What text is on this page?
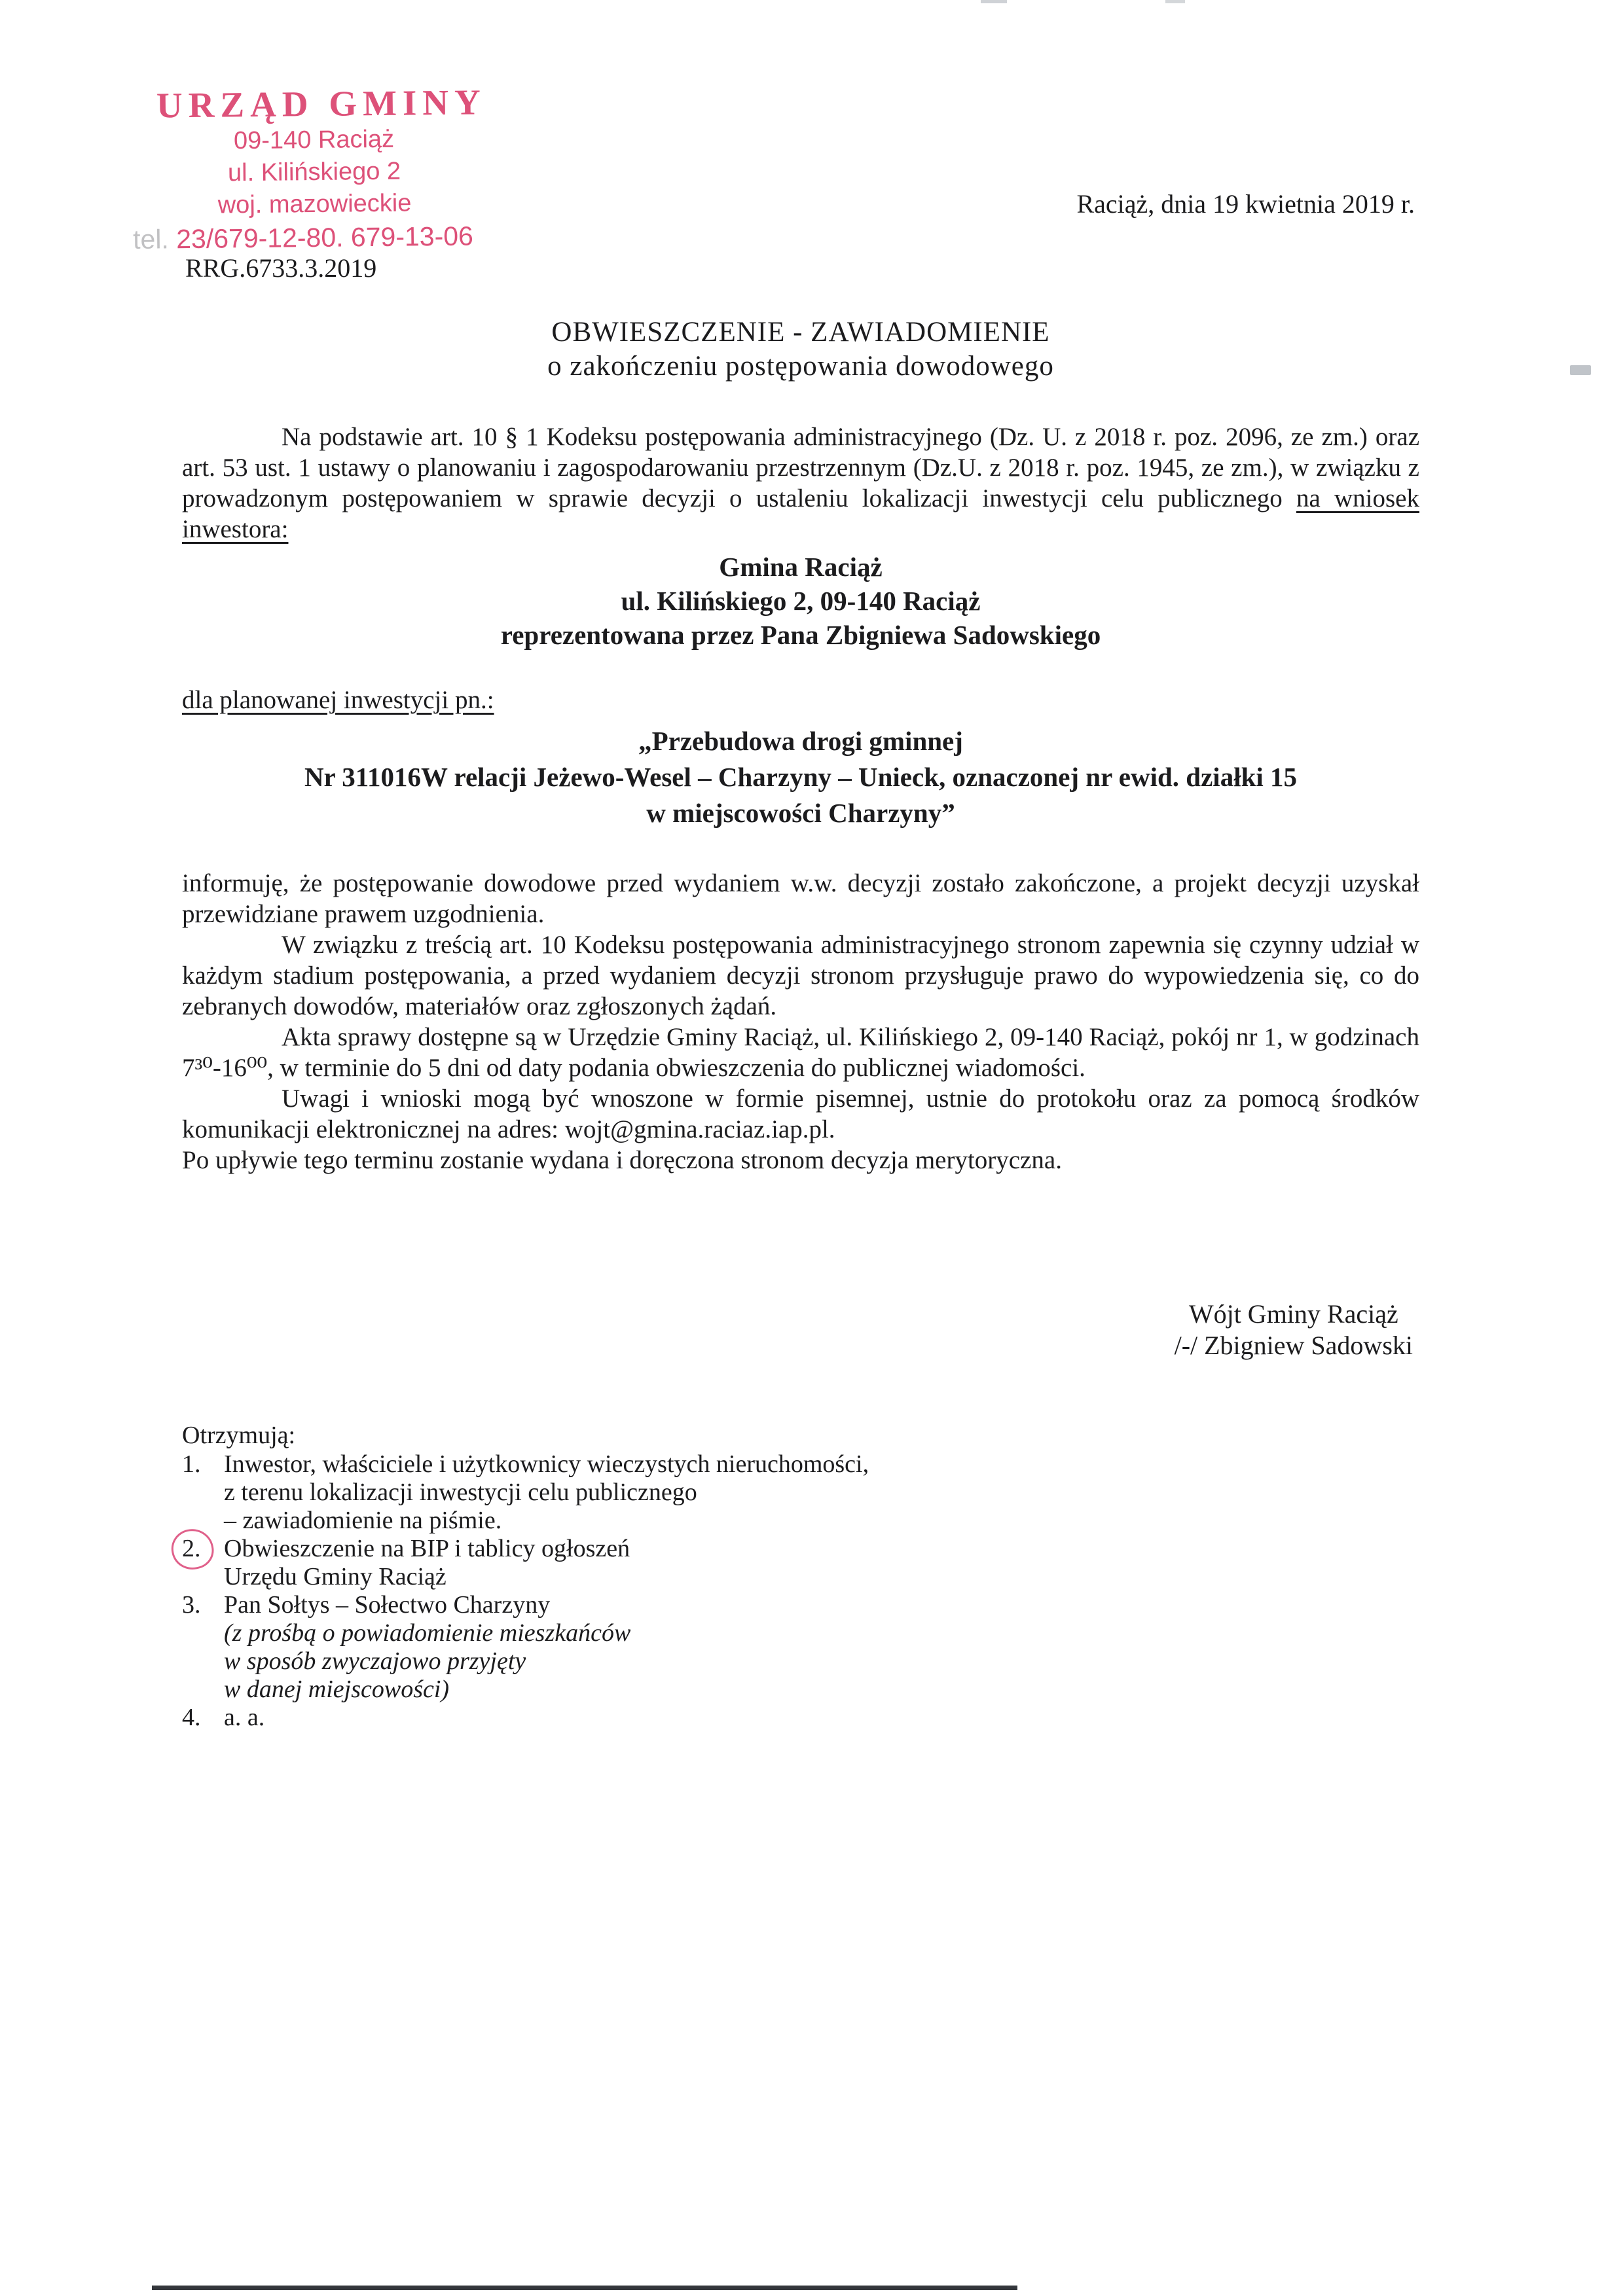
URZĄD GMINY
09-140 Raciąż
ul. Kilińskiego 2
woj. mazowieckie
tel. 23/679-12-80. 679-13-06
Raciąż, dnia 19 kwietnia 2019 r.
RRG.6733.3.2019
OBWIESZCZENIE - ZAWIADOMIENIE
o zakończeniu postępowania dowodowego

Na podstawie art. 10 § 1 Kodeksu postępowania administracyjnego (Dz. U. z 2018 r. poz. 2096, ze zm.) oraz art. 53 ust. 1 ustawy o planowaniu i zagospodarowaniu przestrzennym (Dz.U. z 2018 r. poz. 1945, ze zm.), w związku z prowadzonym postępowaniem w sprawie decyzji o ustaleniu lokalizacji inwestycji celu publicznego na wniosek inwestora:

Gmina Raciąż
ul. Kilińskiego 2, 09-140 Raciąż
reprezentowana przez Pana Zbigniewa Sadowskiego
dla planowanej inwestycji pn.:
„Przebudowa drogi gminnej
Nr 311016W relacji Jeżewo-Wesel – Charzyny – Unieck, oznaczonej nr ewid. działki 15
w miejscowości Charzyny”

informuję, że postępowanie dowodowe przed wydaniem w.w. decyzji zostało zakończone, a projekt decyzji uzyskał przewidziane prawem uzgodnienia.

W związku z treścią art. 10 Kodeksu postępowania administracyjnego stronom zapewnia się czynny udział w każdym stadium postępowania, a przed wydaniem decyzji stronom przysługuje prawo do wypowiedzenia się, co do zebranych dowodów, materiałów oraz zgłoszonych żądań.

Akta sprawy dostępne są w Urzędzie Gminy Raciąż, ul. Kilińskiego 2, 09-140 Raciąż, pokój nr 1, w godzinach 7³⁰-16⁰⁰, w terminie do 5 dni od daty podania obwieszczenia do publicznej wiadomości.

Uwagi i wnioski mogą być wnoszone w formie pisemnej, ustnie do protokołu oraz za pomocą środków komunikacji elektronicznej na adres: wojt@gmina.raciaz.iap.pl.

Po upływie tego terminu zostanie wydana i doręczona stronom decyzja merytoryczna.

Wójt Gminy Raciąż
/-/ Zbigniew Sadowski
Otrzymują:
1. Inwestor, właściciele i użytkownicy wieczystych nieruchomości,
z terenu lokalizacji inwestycji celu publicznego
– zawiadomienie na piśmie.
2. Obwieszczenie na BIP i tablicy ogłoszeń
Urzędu Gminy Raciąż
3. Pan Sołtys – Sołectwo Charzyny
(z prośbą o powiadomienie mieszkańców
w sposób zwyczajowo przyjęty
w danej miejscowości)
4. a. a.
